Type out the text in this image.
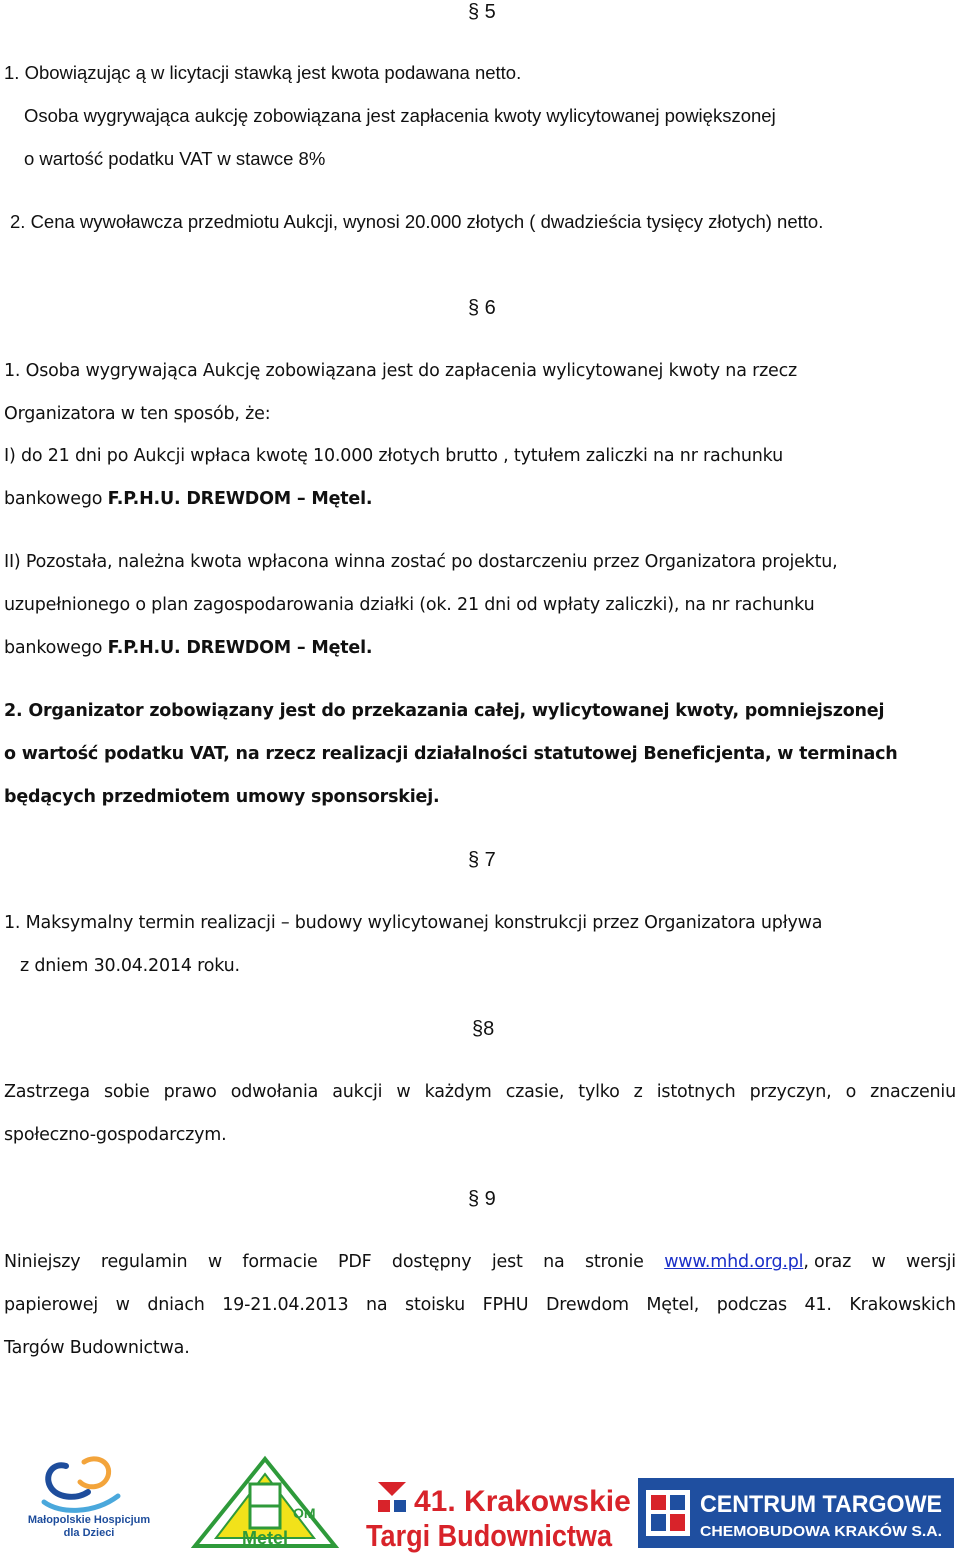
§ 5
1. Obowiązując ą w licytacji stawką jest kwota podawana netto.
Osoba wygrywająca aukcję zobowiązana jest zapłacenia kwoty wylicytowanej powiększonej
o wartość podatku VAT w stawce 8%
2. Cena wywoławcza przedmiotu Aukcji, wynosi 20.000 złotych ( dwadzieścia tysięcy złotych) netto.
§ 6
1. Osoba wygrywająca Aukcję zobowiązana jest do zapłacenia wylicytowanej kwoty na rzecz
Organizatora w ten sposób, że:
I) do 21 dni po Aukcji wpłaca kwotę 10.000 złotych brutto , tytułem zaliczki na nr rachunku
bankowego F.P.H.U. DREWDOM – Mętel.
II) Pozostała, należna kwota wpłacona winna zostać po dostarczeniu przez Organizatora projektu,
uzupełnionego o plan zagospodarowania działki (ok. 21 dni od wpłaty zaliczki), na nr rachunku
bankowego F.P.H.U. DREWDOM – Mętel.
2. Organizator zobowiązany jest do przekazania całej, wylicytowanej kwoty, pomniejszonej
o wartość podatku VAT, na rzecz realizacji działalności statutowej Beneficjenta, w terminach
będących przedmiotem umowy sponsorskiej.
§ 7
1. Maksymalny termin realizacji – budowy wylicytowanej konstrukcji przez Organizatora upływa
z dniem 30.04.2014 roku.
§8
Zastrzega sobie prawo odwołania aukcji w każdym czasie, tylko z istotnych przyczyn, o znaczeniu
społeczno-gospodarczym.
§ 9
Niniejszy regulamin w formacie PDF dostępny jest na stronie www.mhd.org.pl, oraz w wersji
papierowej w dniach 19-21.04.2013 na stoisku FPHU Drewdom Mętel, podczas 41. Krakowskich
Targów Budownictwa.
Małopolskie Hospicjum
dla Dzieci
OM
Mętel
41. Krakowskie
Targi Budownictwa
CENTRUM TARGOWE
CHEMOBUDOWA KRAKÓW S.A.
